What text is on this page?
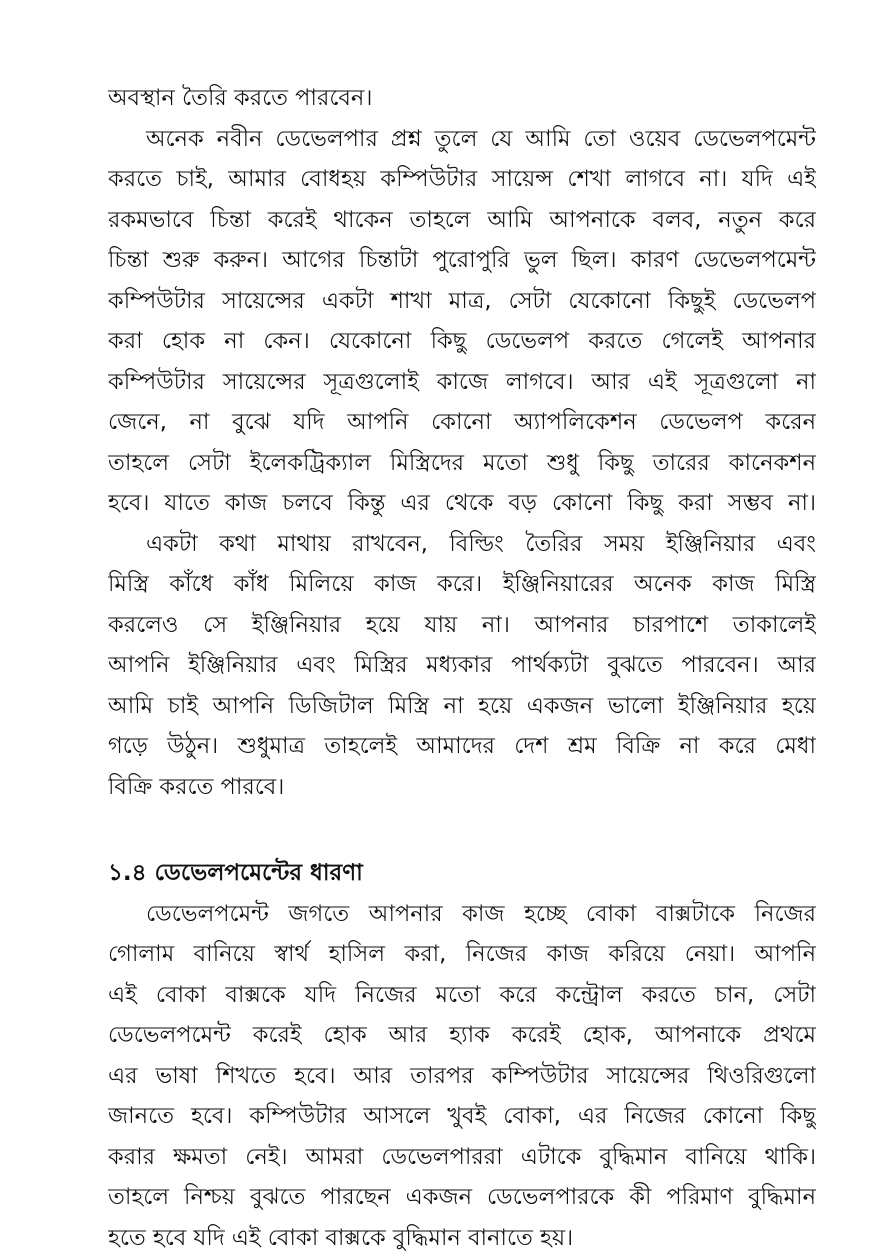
অবস্থান তৈরি করতে পারবেন।
অনেক নবীন ডেভেলপার প্রশ্ন তুলে যে আমি তো ওয়েব ডেভেলপমেন্ট
করতে চাই, আমার বোধহয় কম্পিউটার সায়েন্স শেখা লাগবে না। যদি এই
রকমভাবে চিন্তা করেই থাকেন তাহলে আমি আপনাকে বলব, নতুন করে
চিন্তা শুরু করুন। আগের চিন্তাটা পুরোপুরি ভুল ছিল। কারণ ডেভেলপমেন্ট
কম্পিউটার সায়েন্সের একটা শাখা মাত্র, সেটা যেকোনো কিছুই ডেভেলপ
করা হোক না কেন। যেকোনো কিছু ডেভেলপ করতে গেলেই আপনার
কম্পিউটার সায়েন্সের সূত্রগুলোই কাজে লাগবে। আর এই সূত্রগুলো না
জেনে, না বুঝে যদি আপনি কোনো অ্যাপলিকেশন ডেভেলপ করেন
তাহলে সেটা ইলেকট্রিক্যাল মিস্ত্রিদের মতো শুধু কিছু তারের কানেকশন
হবে। যাতে কাজ চলবে কিন্তু এর থেকে বড় কোনো কিছু করা সম্ভব না।
একটা কথা মাথায় রাখবেন, বিল্ডিং তৈরির সময় ইঞ্জিনিয়ার এবং
মিস্ত্রি কাঁধে কাঁধ মিলিয়ে কাজ করে। ইঞ্জিনিয়ারের অনেক কাজ মিস্ত্রি
করলেও সে ইঞ্জিনিয়ার হয়ে যায় না। আপনার চারপাশে তাকালেই
আপনি ইঞ্জিনিয়ার এবং মিস্ত্রির মধ্যকার পার্থক্যটা বুঝতে পারবেন। আর
আমি চাই আপনি ডিজিটাল মিস্ত্রি না হয়ে একজন ভালো ইঞ্জিনিয়ার হয়ে
গড়ে উঠুন। শুধুমাত্র তাহলেই আমাদের দেশ শ্রম বিক্রি না করে মেধা
বিক্রি করতে পারবে।
১.৪ ডেভেলপমেন্টের ধারণা
ডেভেলপমেন্ট জগতে আপনার কাজ হচ্ছে বোকা বাক্সটাকে নিজের
গোলাম বানিয়ে স্বার্থ হাসিল করা, নিজের কাজ করিয়ে নেয়া। আপনি
এই বোকা বাক্সকে যদি নিজের মতো করে কন্ট্রোল করতে চান, সেটা
ডেভেলপমেন্ট করেই হোক আর হ্যাক করেই হোক, আপনাকে প্রথমে
এর ভাষা শিখতে হবে। আর তারপর কম্পিউটার সায়েন্সের থিওরিগুলো
জানতে হবে। কম্পিউটার আসলে খুবই বোকা, এর নিজের কোনো কিছু
করার ক্ষমতা নেই। আমরা ডেভেলপাররা এটাকে বুদ্ধিমান বানিয়ে থাকি।
তাহলে নিশ্চয় বুঝতে পারছেন একজন ডেভেলপারকে কী পরিমাণ বুদ্ধিমান
হতে হবে যদি এই বোকা বাক্সকে বুদ্ধিমান বানাতে হয়।
